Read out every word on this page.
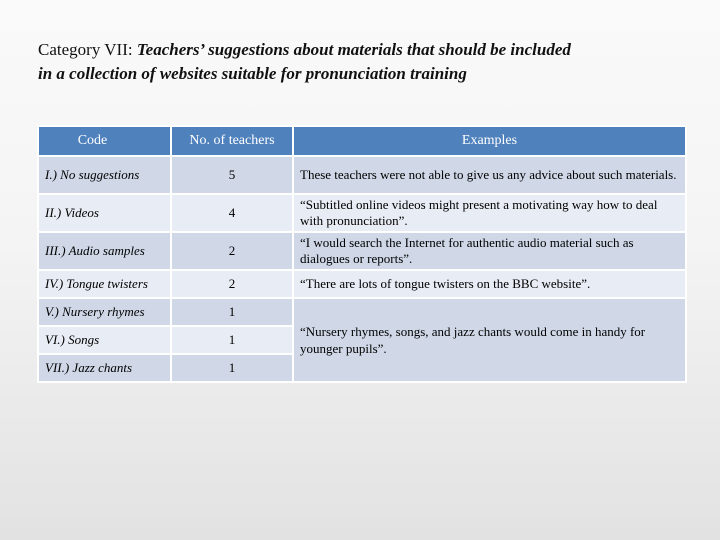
Category VII: Teachers’ suggestions about materials that should be included
in a collection of websites suitable for pronunciation training
Code	No. of teachers	Examples
I.) No suggestions	5	These teachers were not able to give us any advice about such materials.
II.) Videos	4	“Subtitled online videos might present a motivating way how to deal with pronunciation”.
III.) Audio samples	2	“I would search the Internet for authentic audio material such as dialogues or reports”.
IV.) Tongue twisters	2	“There are lots of tongue twisters on the BBC website”.
V.) Nursery rhymes	1	“Nursery rhymes, songs, and jazz chants would come in handy for younger pupils”.
VI.) Songs	1	
VII.) Jazz chants	1	
